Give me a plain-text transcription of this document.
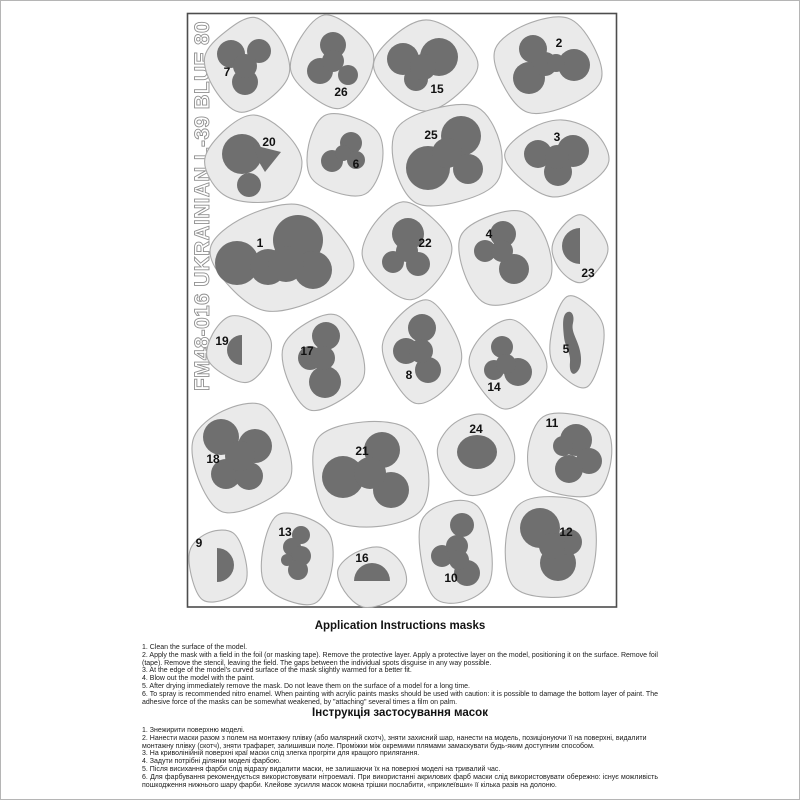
FM48-016 UKRAINIAN L-39 BLUE 80 7
26	15
2
20
6
25	3
1	22
4
23
19
17
8
14
5
18
21
24	11
9
13
16
10
12
Application Instructions masks
1. Clean the surface of the model.
2. Apply the mask with a field in the foil (or masking tape). Remove the protective layer. Apply a protective layer on the model, positioning it on the surface. Remove foil (tape). Remove the stencil, leaving the field. The gaps between the individual spots disguise in any way possible.
3. At the edge of the model's curved surface of the mask slightly warmed for a better fit.
4. Blow out the model with the paint.
5. After drying immediately remove the mask. Do not leave them on the surface of a model for a long time.
6. To spray is recommended nitro enamel. When painting with acrylic paints masks should be used with caution: it is possible to damage the bottom layer of paint. The adhesive force of the masks can be somewhat weakened, by "attaching" several times a film on palm.
Інструкція застосування масок
1. Знежирити поверхню моделі.
2. Нанести маски разом з полем на монтажну плівку (або малярний скотч), зняти захисний шар, нанести на модель, позиціонуючи її на поверхні, видалити монтажну плівку (скотч), зняти трафарет, залишивши поле. Проміжки між окремими плямами замаскувати будь-яким доступним способом.
3. На криволінійній поверхні краї маски слід злегка прогріти для кращого прилягання.
4. Задути потрібні ділянки моделі фарбою.
5. Після висихання фарби слід відразу видалити маски, не залишаючи їх на поверхні моделі на тривалий час.
6. Для фарбування рекомендується використовувати нітроемалі. При використанні акрилових фарб маски слід використовувати обережно: існує можливість пошкодження нижнього шару фарби. Клейове зусилля масок можна трішки послабити, «приклеївши» її кілька разів на долоню.
